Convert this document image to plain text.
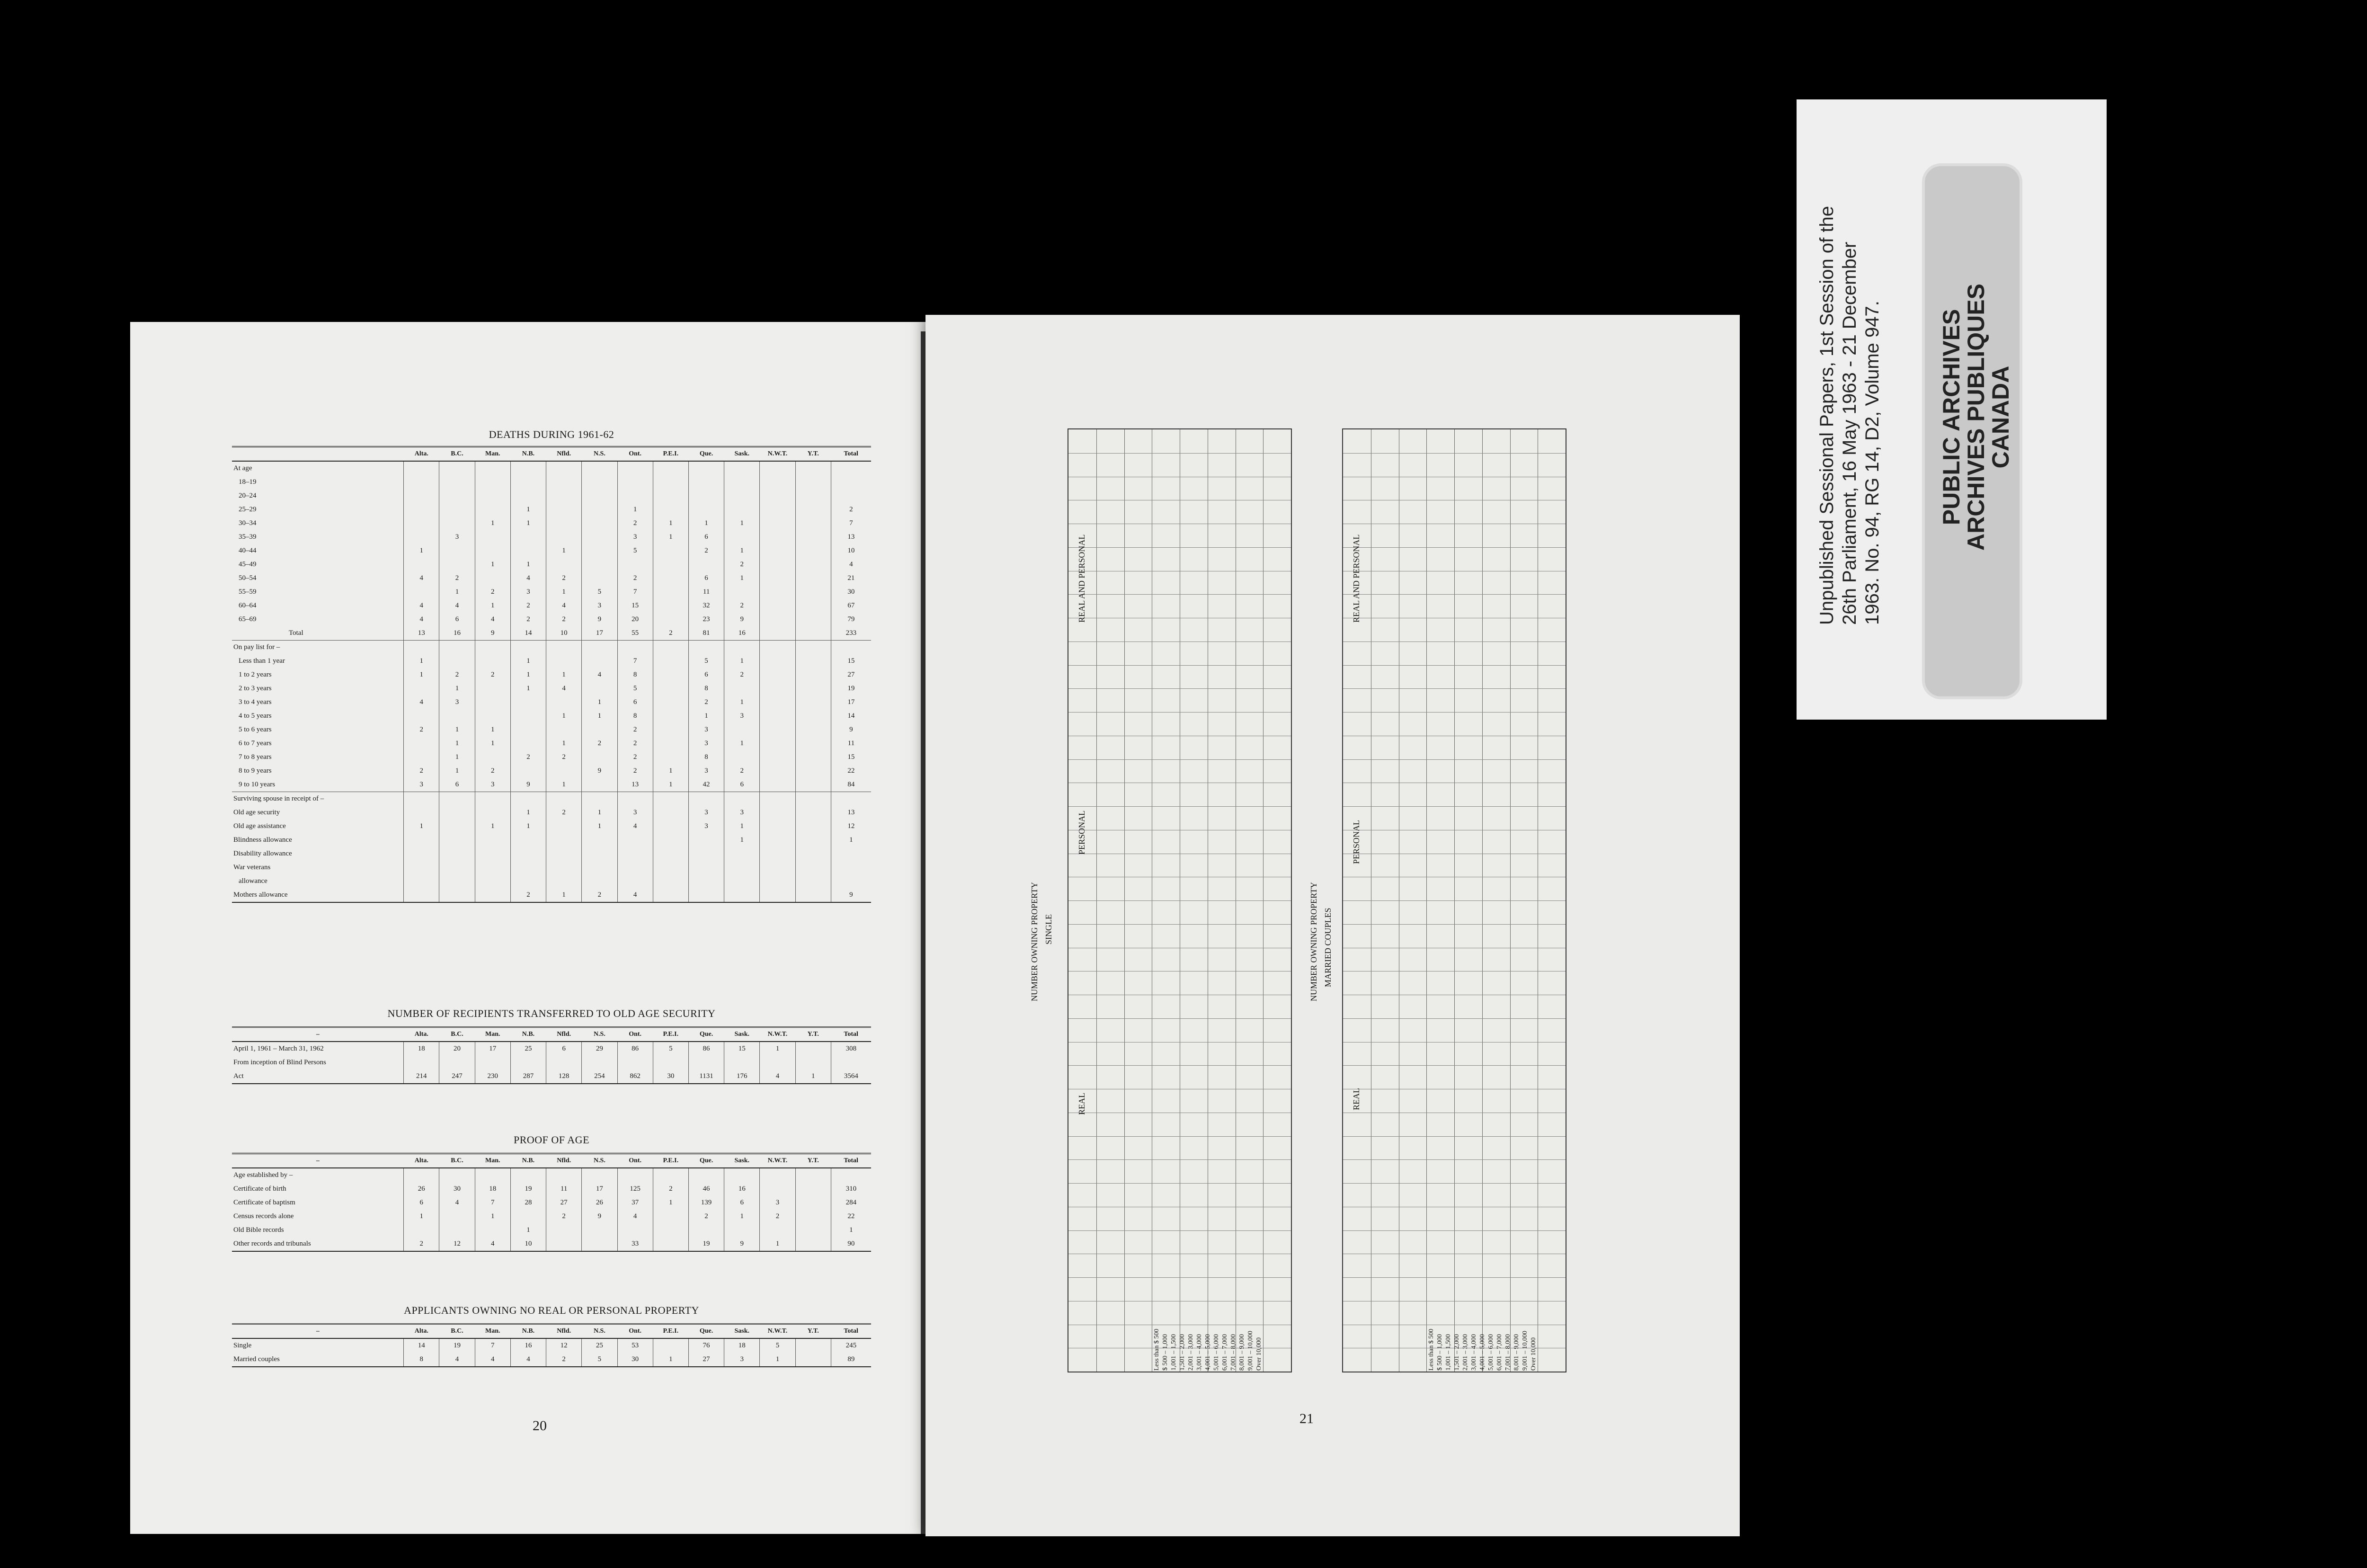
DEATHS DURING 1961-62
	Alta.	B.C.	Man.	N.B.	Nfld.	N.S.	Ont.	P.E.I.	Que.	Sask.	N.W.T.	Y.T.	Total
At age													
18–19													
20–24													
25–29				1			1						2
30–34			1	1			2	1	1	1			7
35–39		3					3	1	6				13
40–44	1				1		5		2	1			10
45–49			1	1						2			4
50–54	4	2		4	2		2		6	1			21
55–59		1	2	3	1	5	7		11				30
60–64	4	4	1	2	4	3	15		32	2			67
65–69	4	6	4	2	2	9	20		23	9			79
Total	13	16	9	14	10	17	55	2	81	16			233
On pay list for –													
Less than 1 year	1			1			7		5	1			15
1 to 2 years	1	2	2	1	1	4	8		6	2			27
2 to 3 years		1		1	4		5		8				19
3 to 4 years	4	3				1	6		2	1			17
4 to 5 years					1	1	8		1	3			14
5 to 6 years	2	1	1				2		3				9
6 to 7 years		1	1		1	2	2		3	1			11
7 to 8 years		1		2	2		2		8				15
8 to 9 years	2	1	2			9	2	1	3	2			22
9 to 10 years	3	6	3	9	1		13	1	42	6			84
Surviving spouse in receipt of –													
Old age security				1	2	1	3		3	3			13
Old age assistance	1		1	1		1	4		3	1			12
Blindness allowance										1			1
Disability allowance													
War veterans													
allowance													
Mothers allowance				2	1	2	4						9
NUMBER OF RECIPIENTS TRANSFERRED TO OLD AGE SECURITY
–	Alta.	B.C.	Man.	N.B.	Nfld.	N.S.	Ont.	P.E.I.	Que.	Sask.	N.W.T.	Y.T.	Total
April 1, 1961 – March 31, 1962	18	20	17	25	6	29	86	5	86	15	1		308
From inception of Blind Persons													
Act	214	247	230	287	128	254	862	30	1131	176	4	1	3564
PROOF OF AGE
–	Alta.	B.C.	Man.	N.B.	Nfld.	N.S.	Ont.	P.E.I.	Que.	Sask.	N.W.T.	Y.T.	Total
Age established by –													
Certificate of birth	26	30	18	19	11	17	125	2	46	16			310
Certificate of baptism	6	4	7	28	27	26	37	1	139	6	3		284
Census records alone	1		1		2	9	4		2	1	2		22
Old Bible records				1									1
Other records and tribunals	2	12	4	10			33		19	9	1		90
APPLICANTS OWNING NO REAL OR PERSONAL PROPERTY
–	Alta.	B.C.	Man.	N.B.	Nfld.	N.S.	Ont.	P.E.I.	Que.	Sask.	N.W.T.	Y.T.	Total
Single	14	19	7	16	12	25	53		76	18	5		245
Married couples	8	4	4	4	2	5	30	1	27	3	1		89
20
NUMBER OWNING PROPERTY SINGLE
REAL
PERSONAL
REAL AND PERSONAL
Less than $ 500 $ 500 – 1,000 1,001 – 1,500 1,501 – 2,000 2,001 – 3,000 3,001 – 4,000 4,001 – 5,000 5,001 – 6,000 6,001 – 7,000 7,001 – 8,000 8,001 – 9,000 9,001 – 10,000 Over 10,000
NUMBER OWNING PROPERTY MARRIED COUPLES
REAL
PERSONAL
REAL AND PERSONAL
Less than $ 500 $ 500 – 1,000 1,001 – 1,500 1,501 – 2,000 2,001 – 3,000 3,001 – 4,000 4,001 – 5,000 5,001 – 6,000 6,001 – 7,000 7,001 – 8,000 8,001 – 9,000 9,001 – 10,000 Over 10,000
21
Unpublished Sessional Papers, 1st Session of the 26th Parliament, 16 May 1963 - 21 December 1963. No. 94, RG 14, D2, Volume 947. PUBLIC ARCHIVES
ARCHIVES PUBLIQUES
CANADA
